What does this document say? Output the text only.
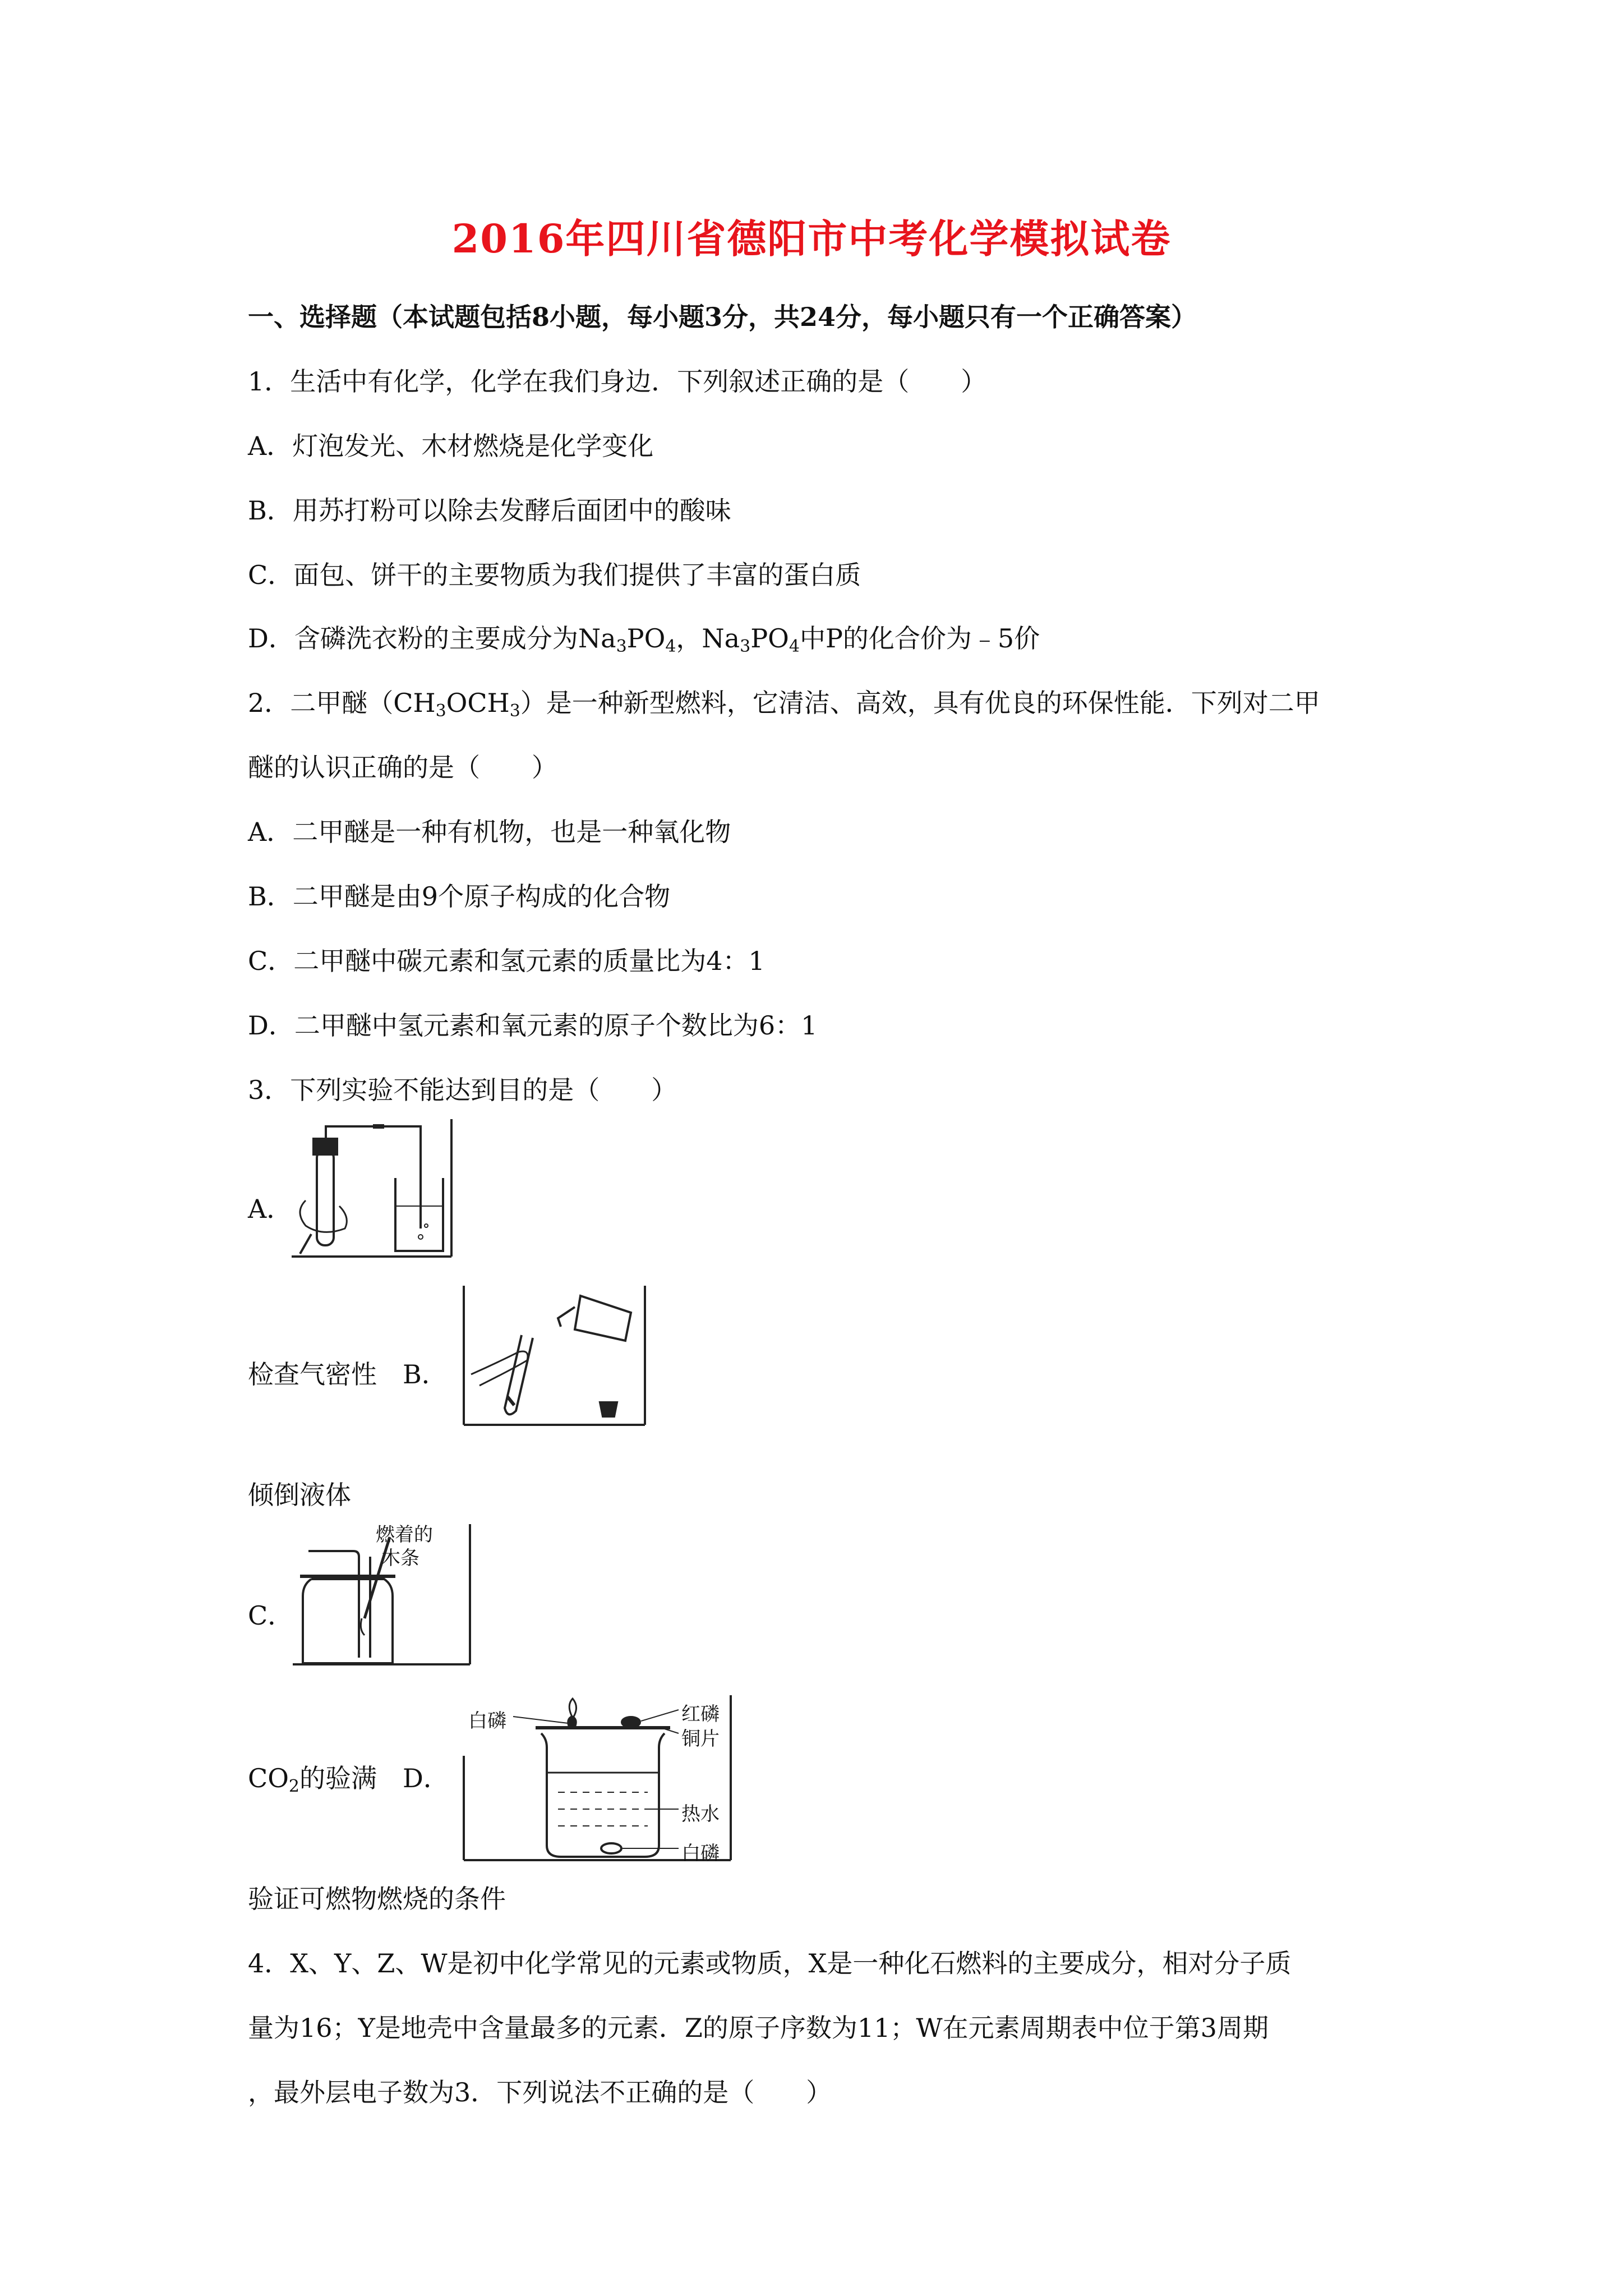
2016年四川省德阳市中考化学模拟试卷
一、选择题（本试题包括8小题，每小题3分，共24分，每小题只有一个正确答案）
1．生活中有化学，化学在我们身边．下列叙述正确的是（　　）
A．灯泡发光、木材燃烧是化学变化
B．用苏打粉可以除去发酵后面团中的酸味
C．面包、饼干的主要物质为我们提供了丰富的蛋白质
D．含磷洗衣粉的主要成分为$Na_3PO_4$，$Na_3PO_4$中P的化合价为﹣5价
2．二甲醚$(CH_3OCH_3)$是一种新型燃料，它清洁、高效，具有优良的环保性能．下列对二甲
醚的认识正确的是（　　）
A．二甲醚是一种有机物，也是一种氧化物
B．二甲醚是由9个原子构成的化合物
C．二甲醚中碳元素和氢元素的质量比为4：1
D．二甲醚中氢元素和氧元素的原子个数比为6：1
3．下列实验不能达到目的是（　　）
A．
检查气密性　 B．
倾倒液体
C．
燃着的
木条
$CO_2$的验满　 D．
白磷	红磷
铜片
热水
白磷
验证可燃物燃烧的条件
4．X、Y、Z、W是初中化学常见的元素或物质，X是一种化石燃料的主要成分，相对分子质
量为16；Y是地壳中含量最多的元素．Z的原子序数为11；W在元素周期表中位于第3周期
，最外层电子数为3．下列说法不正确的是（　　）
